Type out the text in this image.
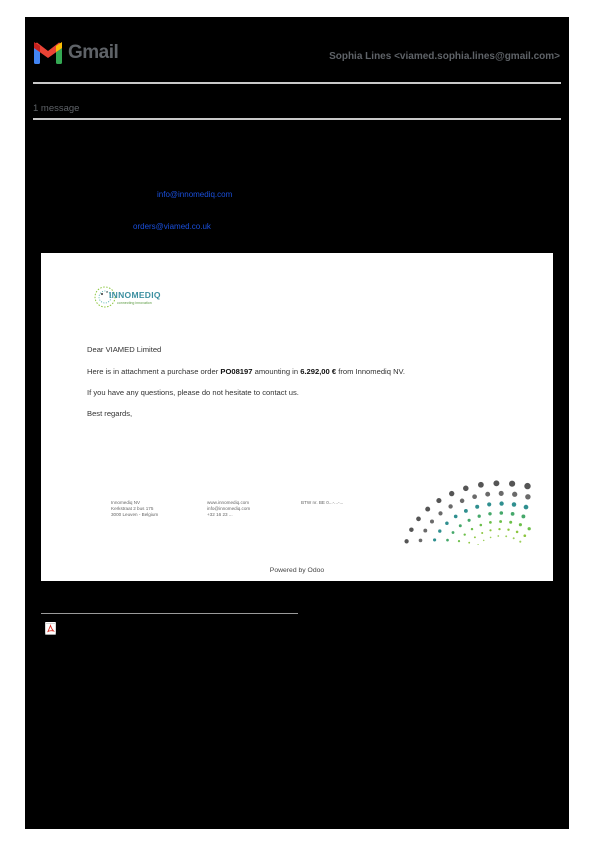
Gmail	Sophia Lines <viamed.sophia.lines@gmail.com>
1 message
info@innomediq.com
orders@viamed.co.uk
INNOMEDIQ
connecting innovation

Dear VIAMED Limited

Here is in attachment a purchase order PO08197 amounting in 6.292,00 € from Innomediq NV.

If you have any questions, please do not hesitate to contact us.

Best regards,

Innomediq NV
Kerkstraat 2 bus 175
3000 Leuven - Belgium
www.innomediq.com
info@innomediq.com
+32 16 23 ...
BTW nr. BE 0...-...-...
Powered by Odoo
